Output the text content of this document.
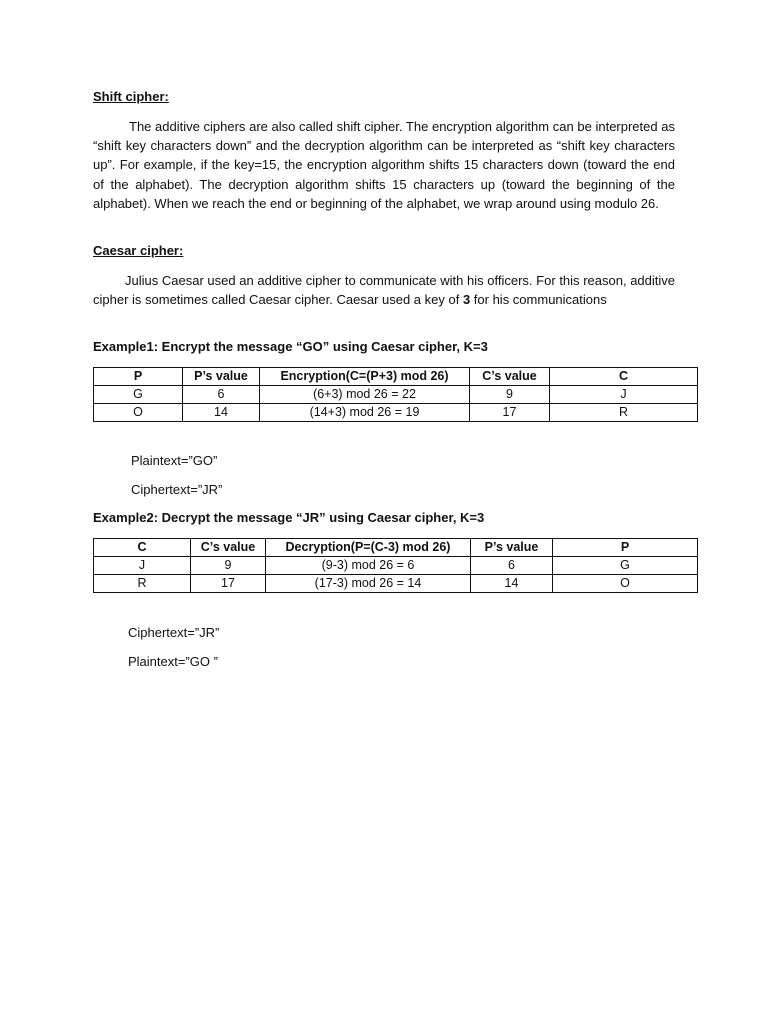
Shift cipher:
The additive ciphers are also called shift cipher. The encryption algorithm can be interpreted as “shift key characters down” and the decryption algorithm can be interpreted as “shift key characters up”. For example, if the key=15, the encryption algorithm shifts 15 characters down (toward the end of the alphabet). The decryption algorithm shifts 15 characters up (toward the beginning of the alphabet). When we reach the end or beginning of the alphabet, we wrap around using modulo 26.
Caesar cipher:
Julius Caesar used an additive cipher to communicate with his officers. For this reason, additive cipher is sometimes called Caesar cipher. Caesar used a key of 3 for his communications
Example1: Encrypt the message “GO” using Caesar cipher, K=3
P	P’s value	Encryption(C=(P+3) mod 26)	C’s value	C
G	6	(6+3) mod 26 = 22	9	J
O	14	(14+3) mod 26 = 19	17	R
Plaintext=”GO”
Ciphertext=”JR”
Example2: Decrypt the message “JR” using Caesar cipher, K=3
C	C’s value	Decryption(P=(C-3) mod 26)	P’s value	P
J	9	(9-3) mod 26 = 6	6	G
R	17	(17-3) mod 26 = 14	14	O
Ciphertext=”JR”
Plaintext=”GO ”
